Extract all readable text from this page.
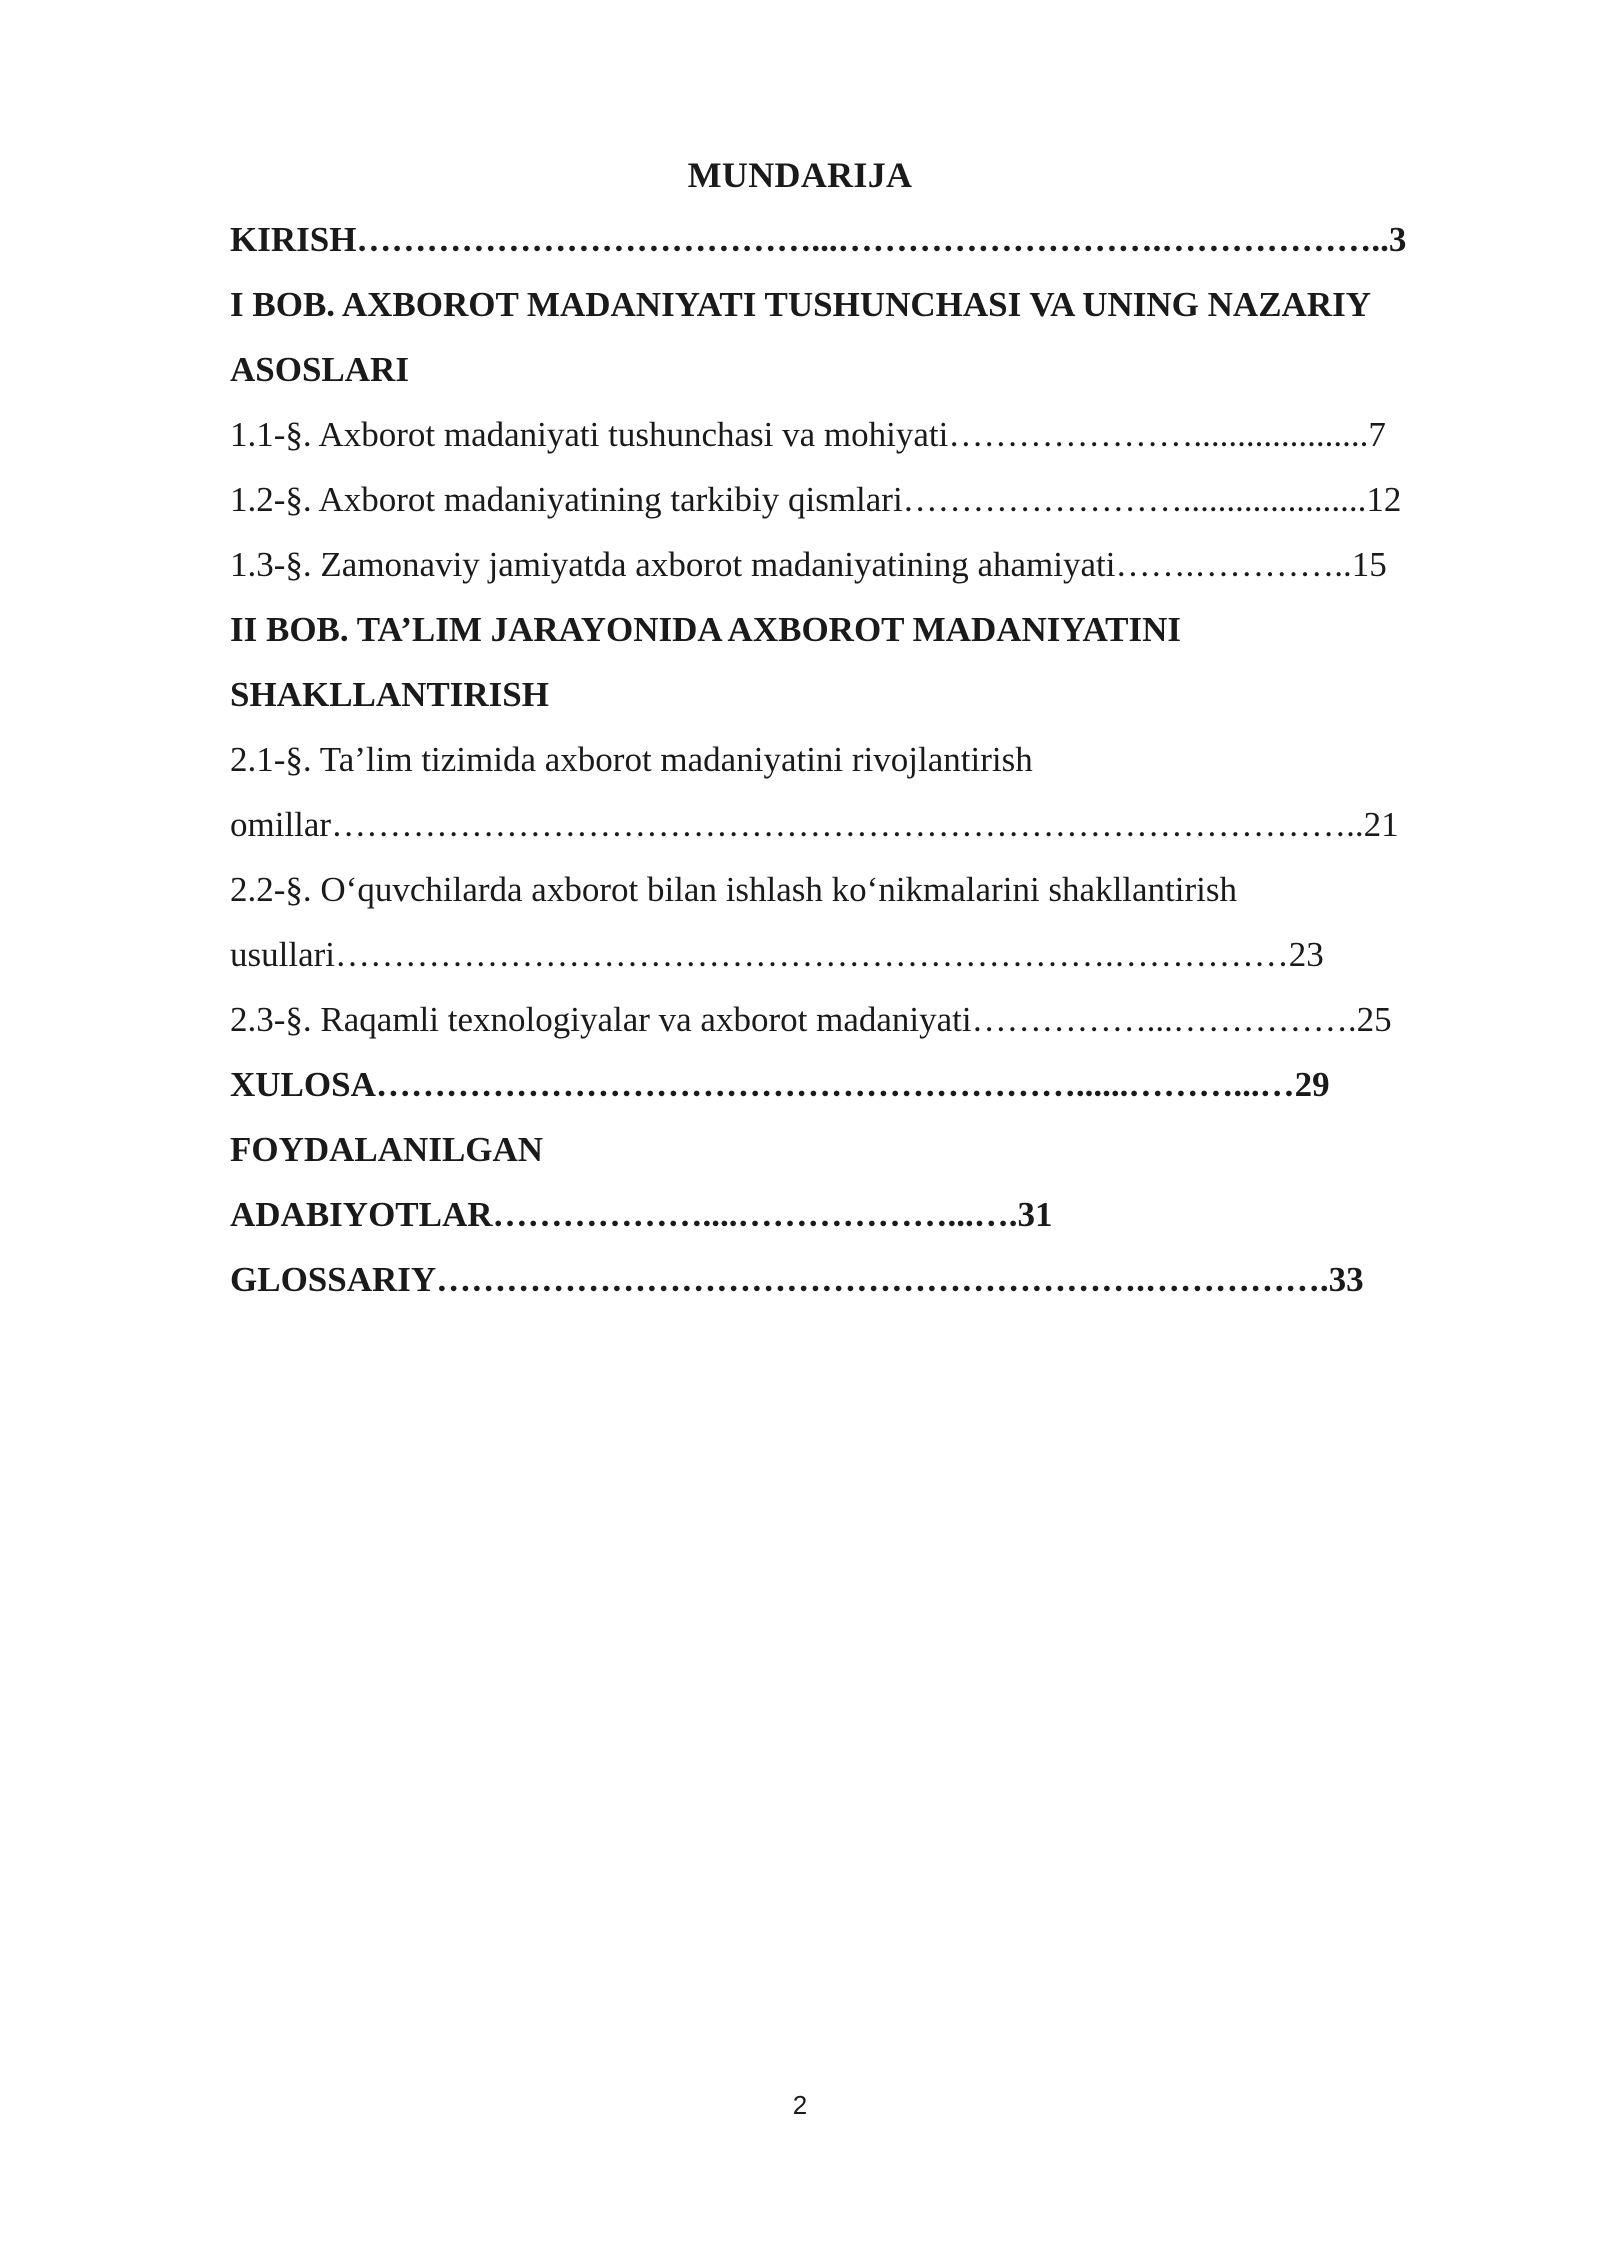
MUNDARIJA
KIRISH…………………………………...……………………….………………..3
I BOB. AXBOROT MADANIYATI TUSHUNCHASI VA UNING NAZARIY
ASOSLARI
1.1-§. Axborot madaniyati tushunchasi va mohiyati…………………....................7
1.2-§. Axborot madaniyatining tarkibiy qismlari…………………….....................12
1.3-§. Zamonaviy jamiyatda axborot madaniyatining ahamiyati…….…………..15
II BOB. TA’LIM JARAYONIDA AXBOROT MADANIYATINI
SHAKLLANTIRISH
2.1-§. Ta’lim tizimida axborot madaniyatini rivojlantirish
omillar……………………………………………………………………………..21
2.2-§. O‘quvchilarda axborot bilan ishlash ko‘nikmalarini shakllantirish
usullari………………………………………………………….……………23
2.3-§. Raqamli texnologiyalar va axborot madaniyati……………...…………….25
XULOSA……………………………………………………......………...…29
FOYDALANILGAN
ADABIYOTLAR………………....………………...….31
GLOSSARIY…………………………………………………….…………….33
2
